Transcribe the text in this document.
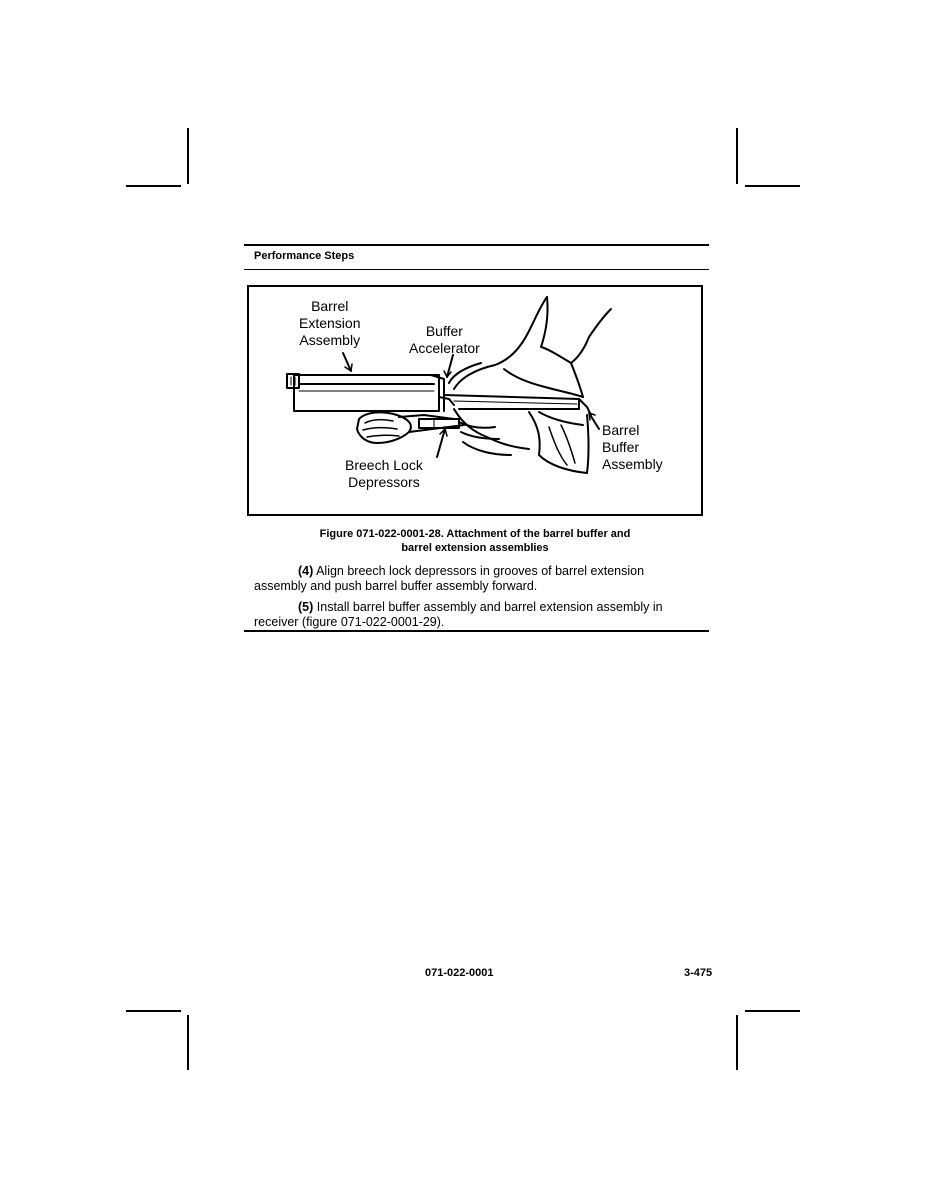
Performance Steps
Barrel
Extension
Assembly
Buffer
Accelerator
Breech Lock
Depressors
Barrel
Buffer
Assembly
Figure 071-022-0001-28. Attachment of the barrel buffer and
barrel extension assemblies
(4) Align breech lock depressors in grooves of barrel extension
assembly and push barrel buffer assembly forward.
(5) Install barrel buffer assembly and barrel extension assembly in
receiver (figure 071-022-0001-29).
071-022-0001	3-475
